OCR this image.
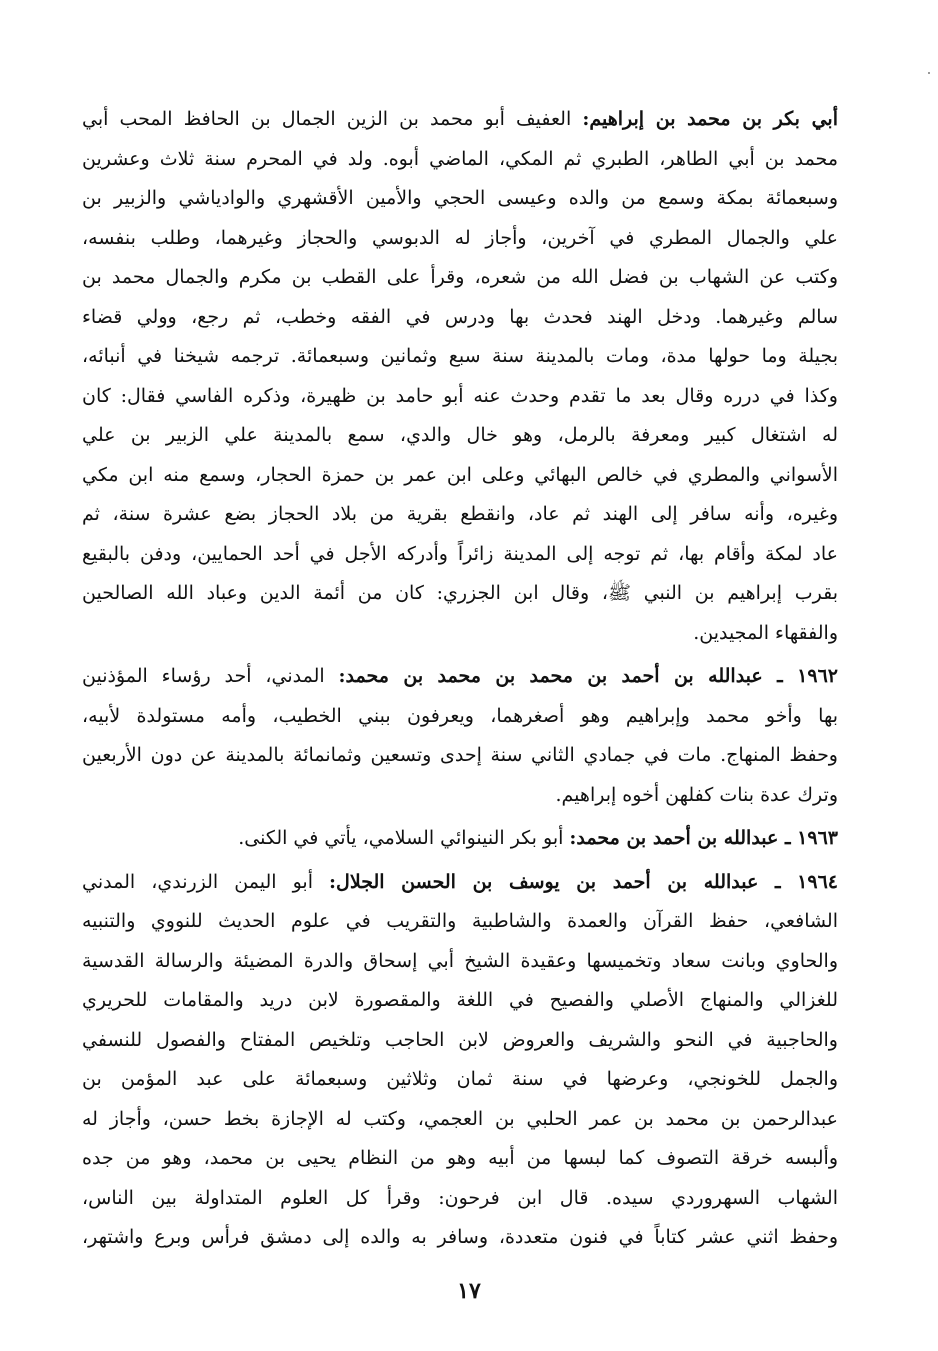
أبي بكر بن محمد بن إبراهيم: العفيف أبو محمد بن الزين الجمال بن الحافظ المحب أبي
محمد بن أبي الطاهر، الطبري ثم المكي، الماضي أبوه. ولد في المحرم سنة ثلاث وعشرين
وسبعمائة بمكة وسمع من والده وعيسى الحجي والأمين الأقشهري والوادياشي والزبير بن
علي والجمال المطري في آخرين، وأجاز له الدبوسي والحجاز وغيرهما، وطلب بنفسه،
وكتب عن الشهاب بن فضل الله من شعره، وقرأ على القطب بن مكرم والجمال محمد بن
سالم وغيرهما. ودخل الهند فحدث بها ودرس في الفقه وخطب، ثم رجع، وولي قضاء
بجيلة وما حولها مدة، ومات بالمدينة سنة سبع وثمانين وسبعمائة. ترجمه شيخنا في أنبائه،
وكذا في درره وقال بعد ما تقدم وحدث عنه أبو حامد بن ظهيرة، وذكره الفاسي فقال: كان
له اشتغال كبير ومعرفة بالرمل، وهو خال والدي، سمع بالمدينة علي الزبير بن علي
الأسواني والمطري في خالص البهائي وعلى ابن عمر بن حمزة الحجار، وسمع منه ابن مكي
وغيره، وأنه سافر إلى الهند ثم عاد، وانقطع بقرية من بلاد الحجاز بضع عشرة سنة، ثم
عاد لمكة وأقام بها، ثم توجه إلى المدينة زائراً وأدركه الأجل في أحد الحمايين، ودفن بالبقيع
بقرب إبراهيم بن النبي ﷺ، وقال ابن الجزري: كان من أئمة الدين وعباد الله الصالحين
والفقهاء المجيدين.
١٩٦٢ ـ عبدالله بن أحمد بن محمد بن محمد بن محمد: المدني، أحد رؤساء المؤذنين
بها وأخو محمد وإبراهيم وهو أصغرهما، ويعرفون ببني الخطيب، وأمه مستولدة لأبيه،
وحفظ المنهاج. مات في جمادي الثاني سنة إحدى وتسعين وثمانمائة بالمدينة عن دون الأربعين
وترك عدة بنات كفلهن أخوه إبراهيم.
١٩٦٣ ـ عبدالله بن أحمد بن محمد: أبو بكر النينوائي السلامي، يأتي في الكنى.
١٩٦٤ ـ عبدالله بن أحمد بن يوسف بن الحسن الجلال: أبو اليمن الزرندي، المدني
الشافعي، حفظ القرآن والعمدة والشاطبية والتقريب في علوم الحديث للنووي والتنبيه
والحاوي وبانت سعاد وتخميسها وعقيدة الشيخ أبي إسحاق والدرة المضيئة والرسالة القدسية
للغزالي والمنهاج الأصلي والفصيح في اللغة والمقصورة لابن دريد والمقامات للحريري
والحاجبية في النحو والشريف والعروض لابن الحاجب وتلخيص المفتاح والفصول للنسفي
والجمل للخونجي، وعرضها في سنة ثمان وثلاثين وسبعمائة على عبد المؤمن بن
عبدالرحمن بن محمد بن عمر الحلبي بن العجمي، وكتب له الإجازة بخط حسن، وأجاز له
وألبسه خرقة التصوف كما لبسها من أبيه وهو من النظام يحيى بن محمد، وهو من جده
الشهاب السهروردي سيده. قال ابن فرحون: وقرأ كل العلوم المتداولة بين الناس،
وحفظ اثني عشر كتاباً في فنون متعددة، وسافر به والده إلى دمشق فرأس وبرع واشتهر،
١٧
